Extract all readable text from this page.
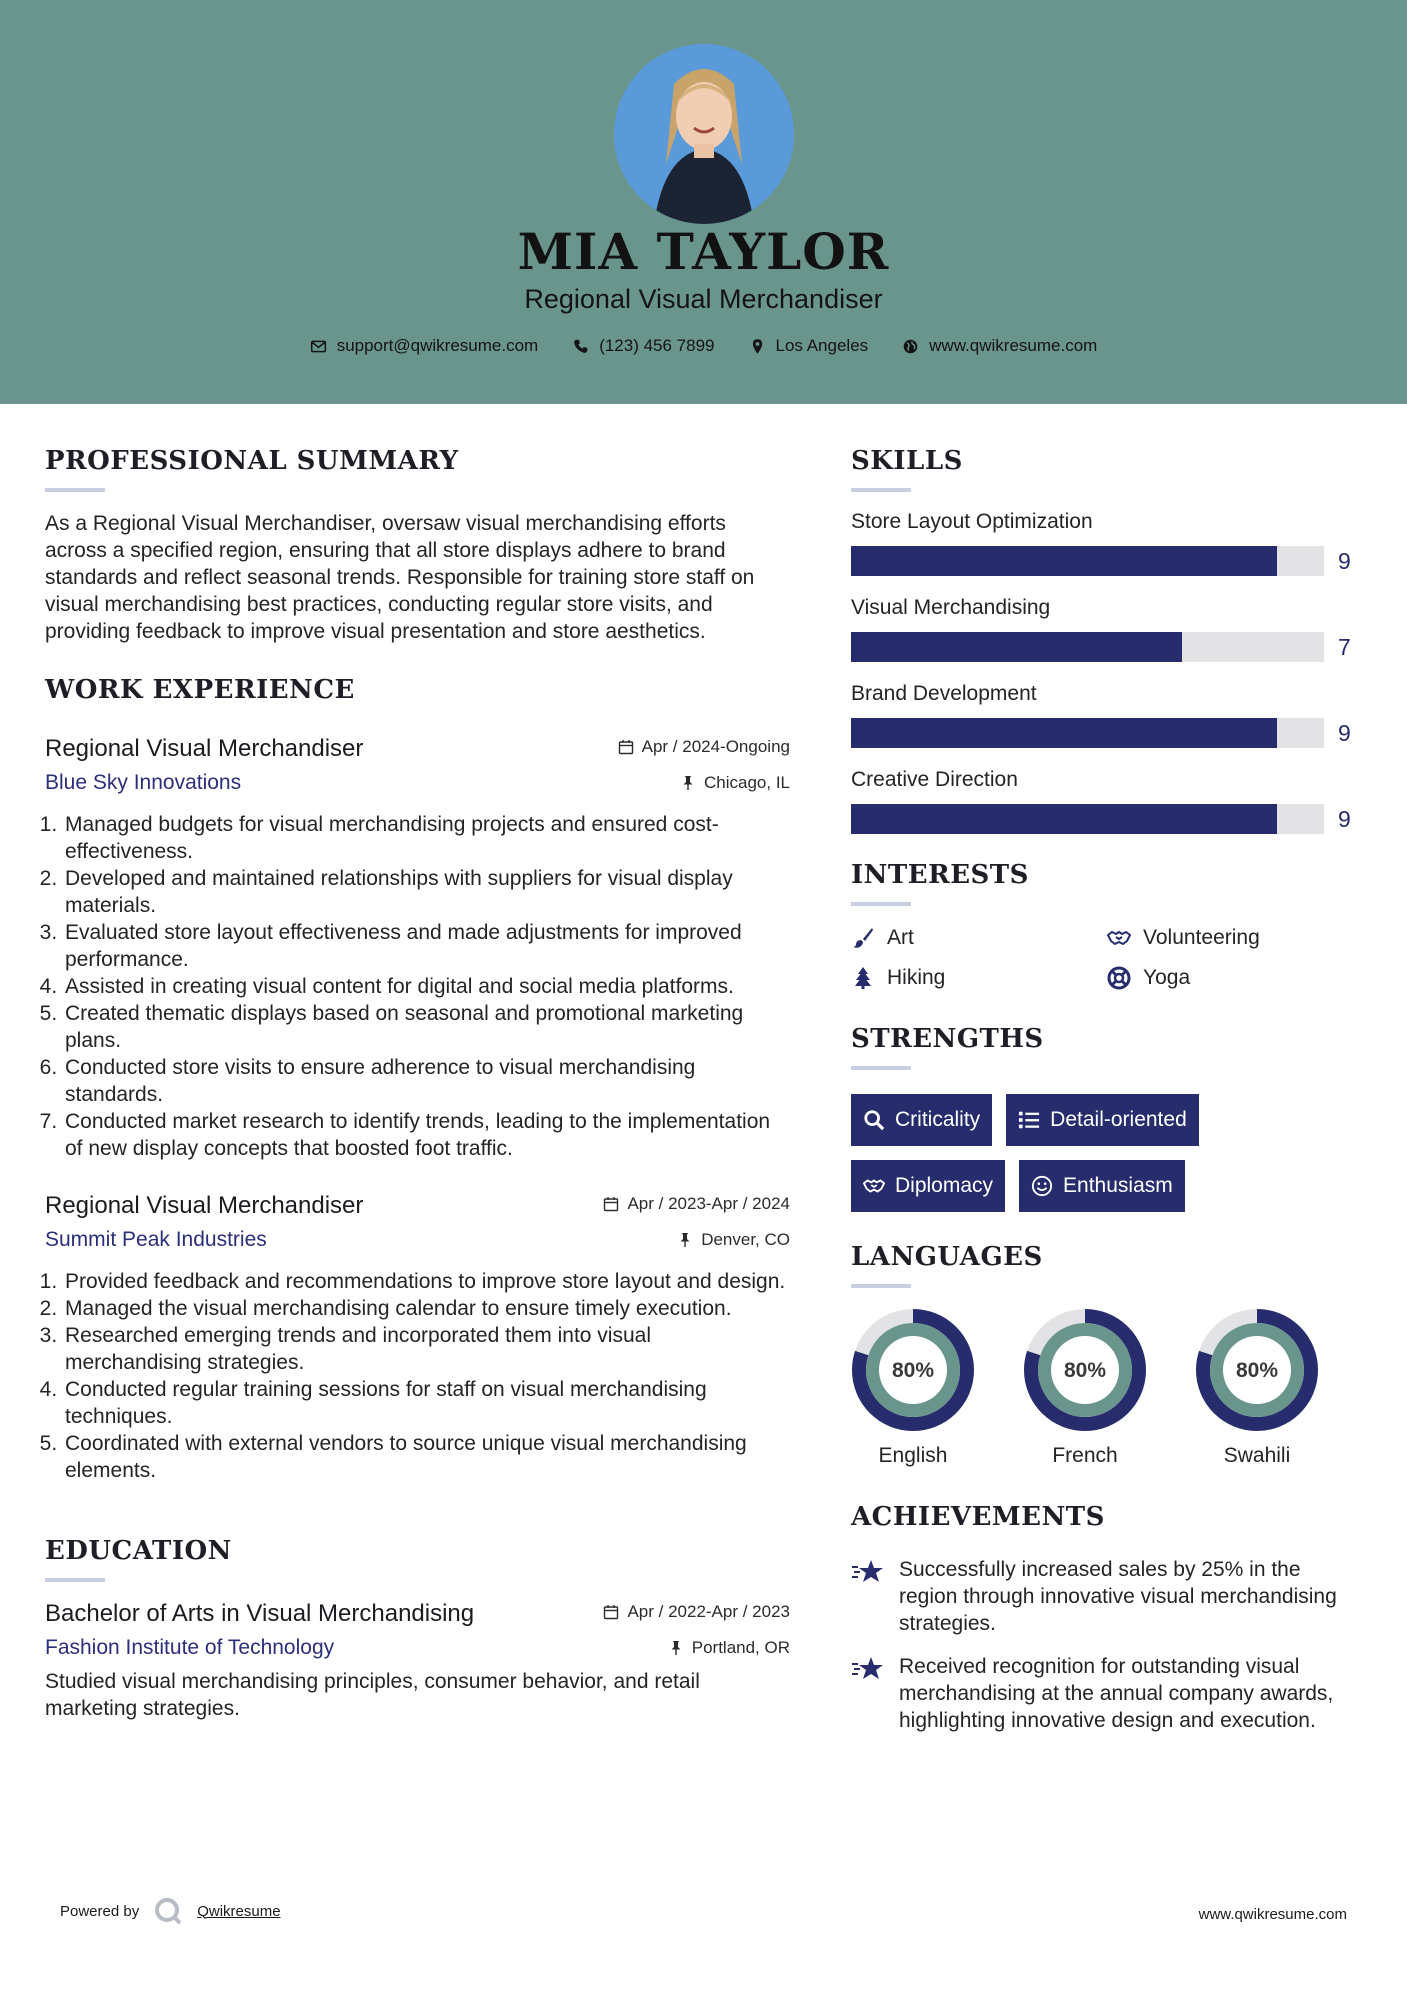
MIA TAYLOR
Regional Visual Merchandiser
support@qwikresume.com	(123) 456 7899	Los Angeles	www.qwikresume.com
PROFESSIONAL SUMMARY
As a Regional Visual Merchandiser, oversaw visual merchandising efforts across a specified region, ensuring that all store displays adhere to brand standards and reflect seasonal trends. Responsible for training store staff on visual merchandising best practices, conducting regular store visits, and providing feedback to improve visual presentation and store aesthetics.
WORK EXPERIENCE
Regional Visual Merchandiser	Apr / 2024-Ongoing
Blue Sky Innovations	Chicago, IL
1. Managed budgets for visual merchandising projects and ensured cost-effectiveness.
2. Developed and maintained relationships with suppliers for visual display materials.
3. Evaluated store layout effectiveness and made adjustments for improved performance.
4. Assisted in creating visual content for digital and social media platforms.
5. Created thematic displays based on seasonal and promotional marketing plans.
6. Conducted store visits to ensure adherence to visual merchandising standards.
7. Conducted market research to identify trends, leading to the implementation of new display concepts that boosted foot traffic.
Regional Visual Merchandiser	Apr / 2023-Apr / 2024
Summit Peak Industries	Denver, CO
1. Provided feedback and recommendations to improve store layout and design.
2. Managed the visual merchandising calendar to ensure timely execution.
3. Researched emerging trends and incorporated them into visual merchandising strategies.
4. Conducted regular training sessions for staff on visual merchandising techniques.
5. Coordinated with external vendors to source unique visual merchandising elements.
EDUCATION
Bachelor of Arts in Visual Merchandising	Apr / 2022-Apr / 2023
Fashion Institute of Technology	Portland, OR
Studied visual merchandising principles, consumer behavior, and retail marketing strategies.
SKILLS
Store Layout Optimization
9
Visual Merchandising
7
Brand Development
9
Creative Direction
9
INTERESTS
Art	Volunteering
Hiking	Yoga
STRENGTHS
Criticality	Detail-oriented
Diplomacy	Enthusiasm
LANGUAGES
80%
English
80%
French
80%
Swahili
ACHIEVEMENTS
Successfully increased sales by 25% in the region through innovative visual merchandising strategies.
Received recognition for outstanding visual merchandising at the annual company awards, highlighting innovative design and execution.
Powered by	Qwikresume	www.qwikresume.com
